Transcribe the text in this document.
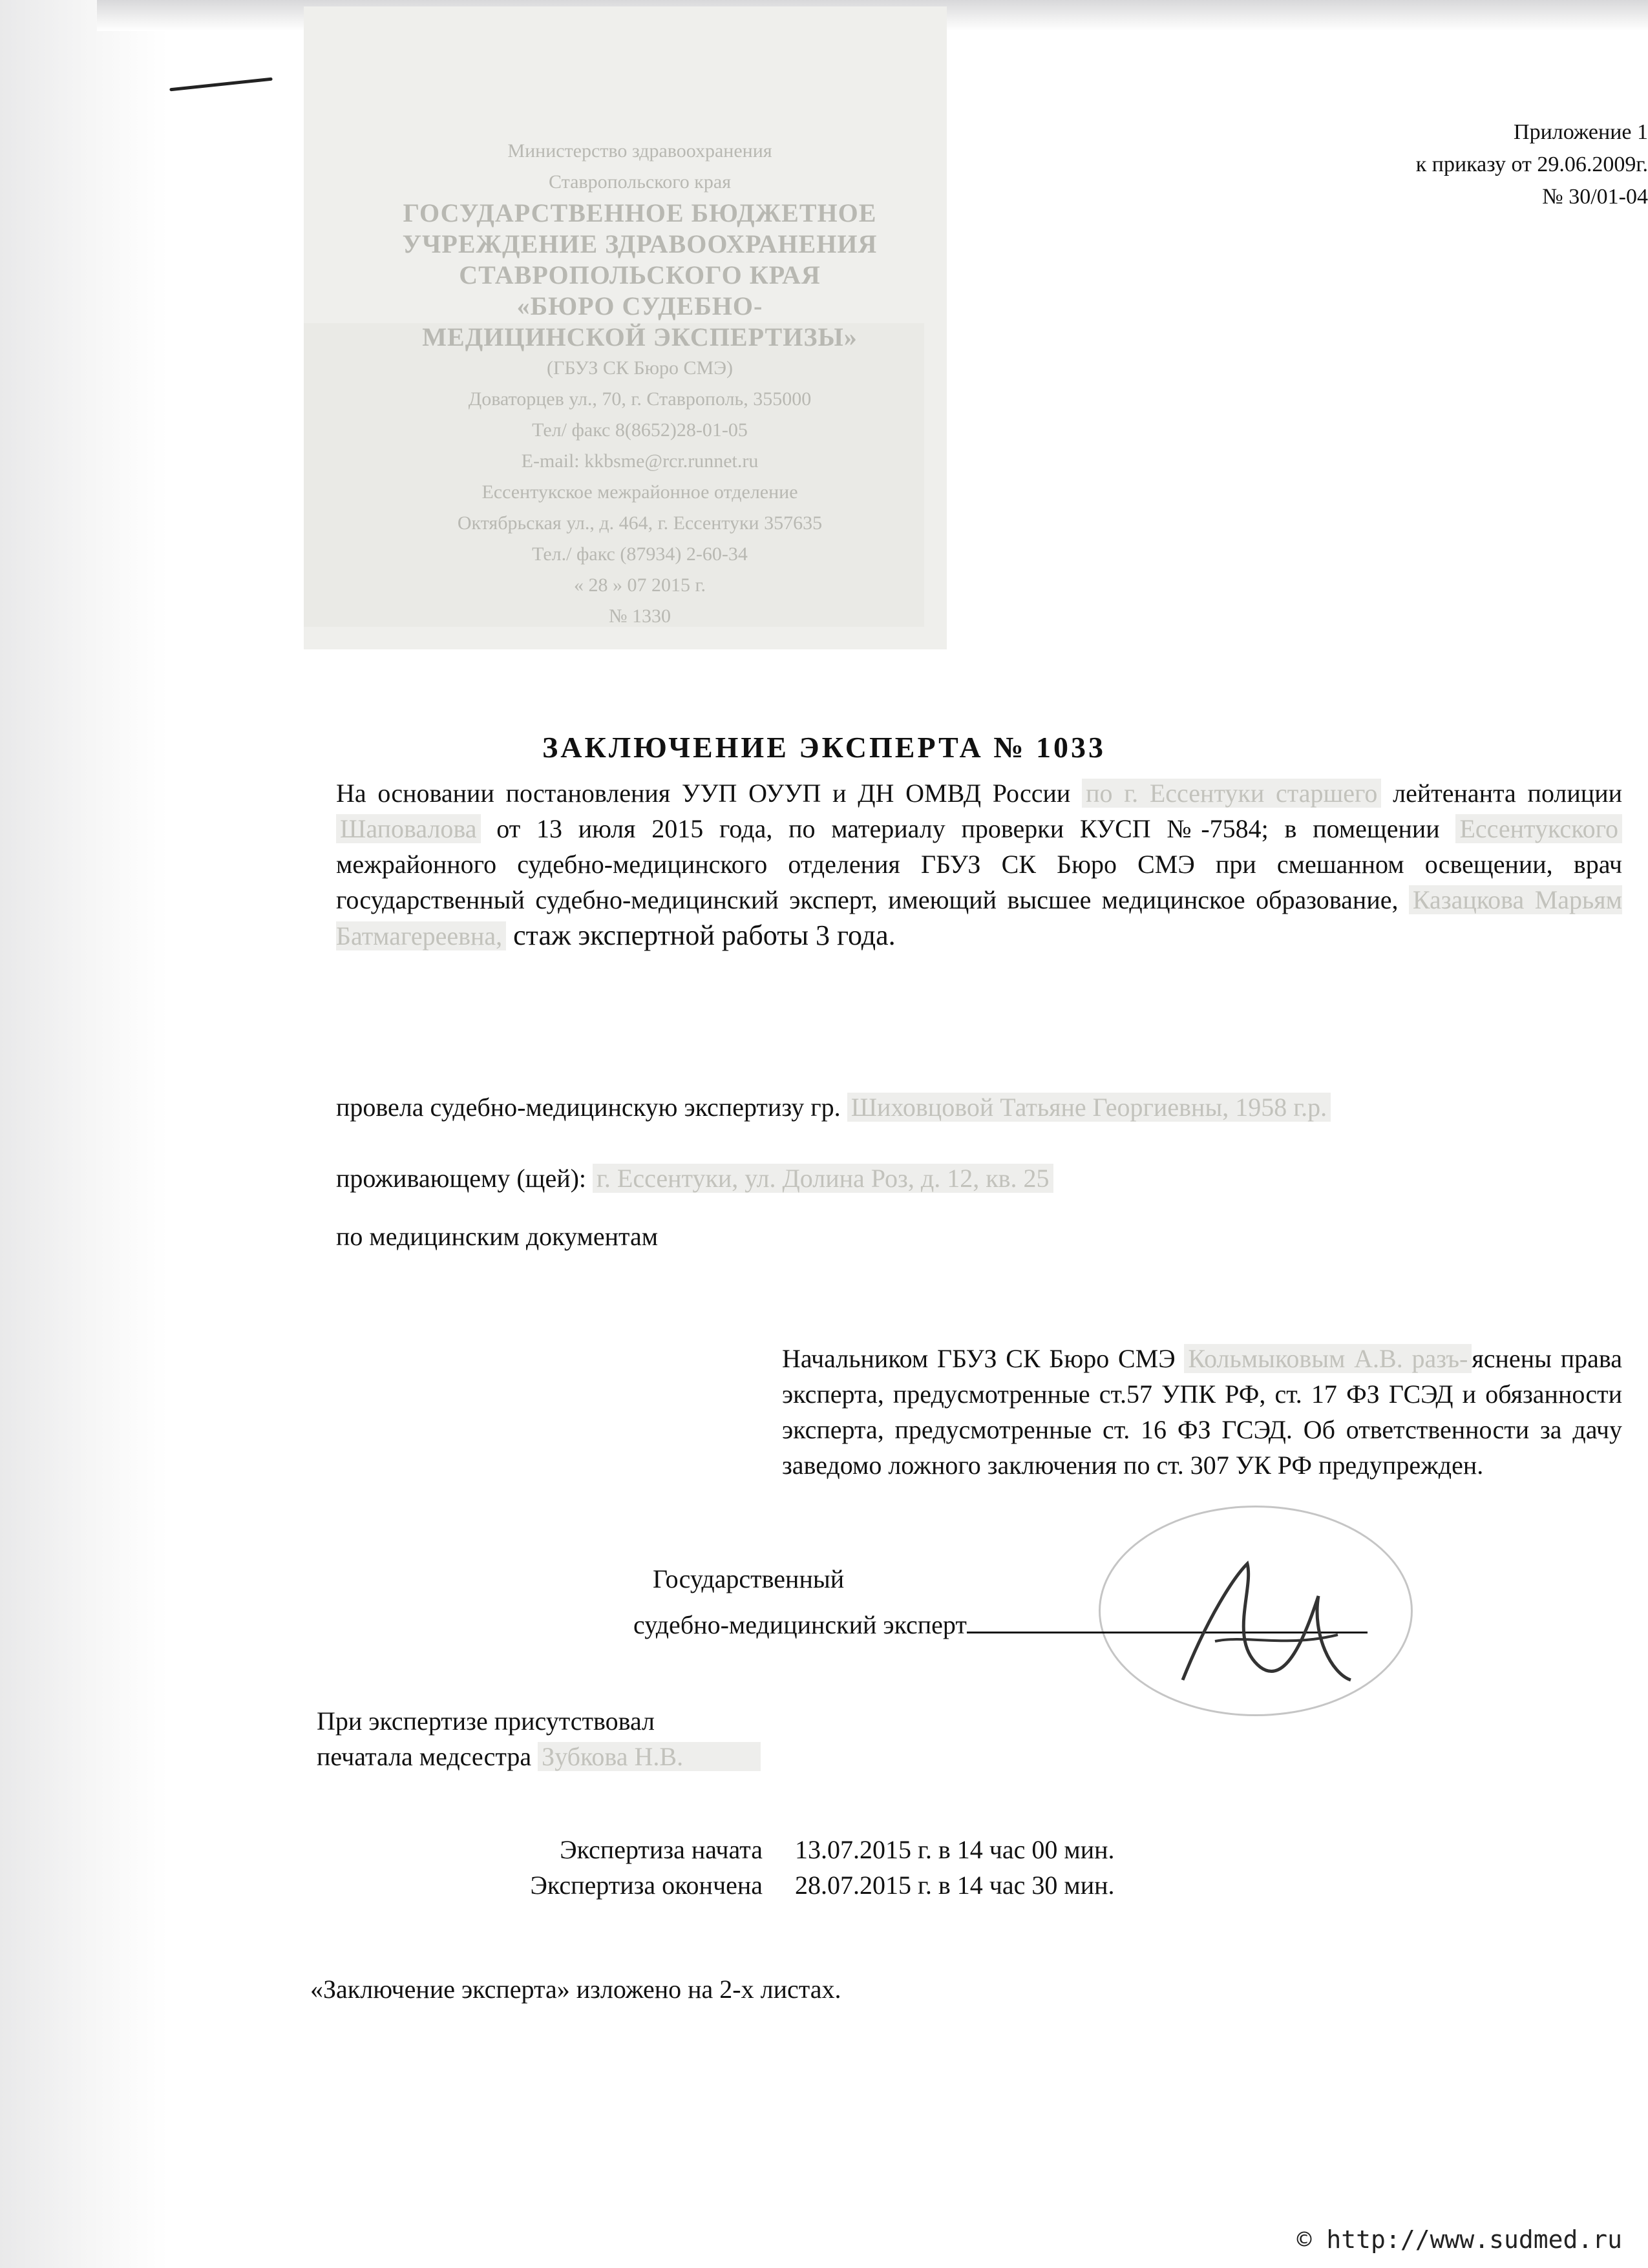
Министерство здравоохранения
Ставропольского края
ГОСУДАРСТВЕННОЕ БЮДЖЕТНОЕ
УЧРЕЖДЕНИЕ ЗДРАВООХРАНЕНИЯ
СТАВРОПОЛЬСКОГО КРАЯ
«БЮРО СУДЕБНО-
МЕДИЦИНСКОЙ ЭКСПЕРТИЗЫ»
(ГБУЗ СК Бюро СМЭ)
Доваторцев ул., 70, г. Ставрополь, 355000
Тел/ факс 8(8652)28-01-05
E-mail: kkbsme@rcr.runnet.ru
Ессентукское межрайонное отделение
Октябрьская ул., д. 464, г. Ессентуки 357635
Тел./ факс (87934) 2-60-34
« 28 » 07 2015 г.
№ 1330
Приложение 1
к приказу от 29.06.2009г.
№ 30/01-04
ЗАКЛЮЧЕНИЕ ЭКСПЕРТА № 1033
На основании постановления УУП ОУУП и ДН ОМВД России по г. Ессентуки старшего лейтенанта полиции Шаповалова от 13 июля 2015 года, по материалу проверки КУСП №-7584; в помещении Ессентукского межрайонного судебно-медицинского отделения ГБУЗ СК Бюро СМЭ при смешанном освещении, врач государственный судебно-медицинский эксперт, имеющий высшее медицинское образование, Казацкова Марьям Батмагереевна, стаж экспертной работы 3 года.
провела судебно-медицинскую экспертизу гр. Шиховцовой Татьяне Георгиевны, 1958 г.р.
проживающему (щей): г. Ессентуки, ул. Долина Роз, д. 12, кв. 25
по медицинским документам
Начальником ГБУЗ СК Бюро СМЭ Кольмыковым А.В. разъ- яснены права эксперта, предусмотренные ст.57 УПК РФ, ст. 17 ФЗ ГСЭД и обязанности эксперта, предусмотренные ст. 16 ФЗ ГСЭД. Об ответственности за дачу заведомо ложного заключения по ст. 307 УК РФ предупрежден.
Государственный
судебно-медицинский эксперт
При экспертизе присутствовал
печатала медсестра Зубкова Н.В.
Экспертиза начата 13.07.2015 г. в 14 час 00 мин.
Экспертиза окончена 28.07.2015 г. в 14 час 30 мин.
«Заключение эксперта» изложено на 2-х листах.
© http://www.sudmed.ru
